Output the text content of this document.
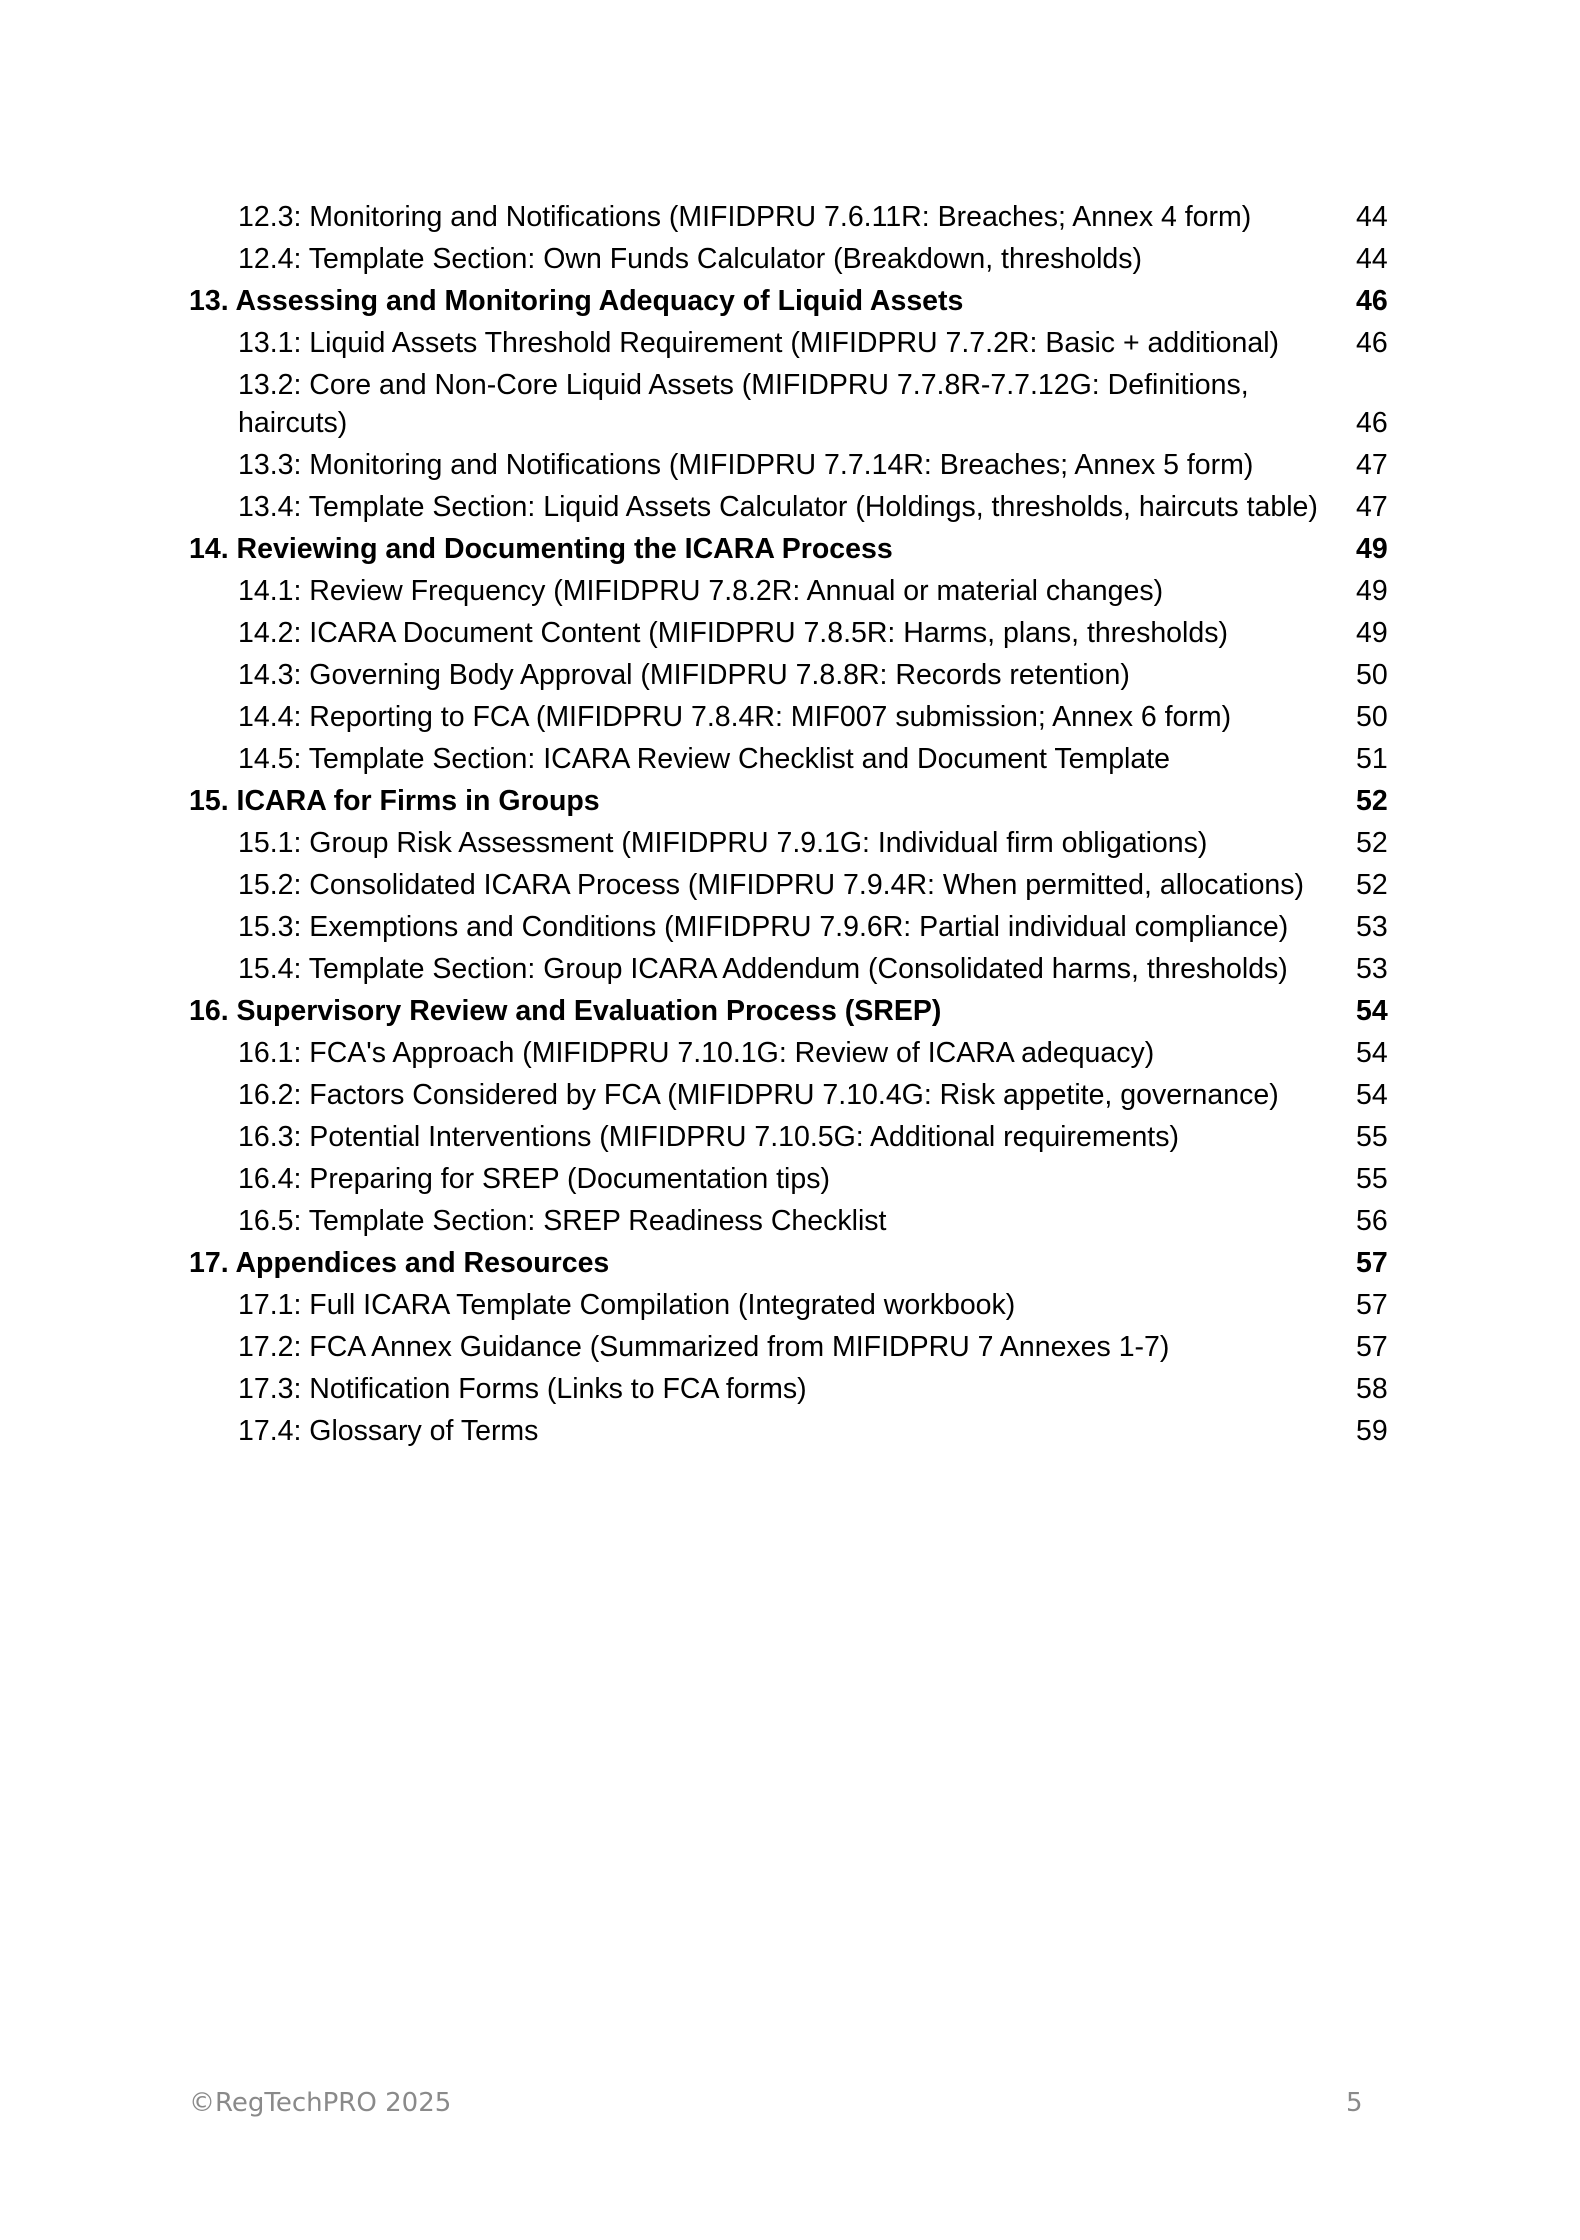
12.3: Monitoring and Notifications (MIFIDPRU 7.6.11R: Breaches; Annex 4 form)	44
12.4: Template Section: Own Funds Calculator (Breakdown, thresholds)	44
13. Assessing and Monitoring Adequacy of Liquid Assets	46
13.1: Liquid Assets Threshold Requirement (MIFIDPRU 7.7.2R: Basic + additional)	46
13.2: Core and Non-Core Liquid Assets (MIFIDPRU 7.7.8R-7.7.12G: Definitions, haircuts)	46
13.3: Monitoring and Notifications (MIFIDPRU 7.7.14R: Breaches; Annex 5 form)	47
13.4: Template Section: Liquid Assets Calculator (Holdings, thresholds, haircuts table)	47
14. Reviewing and Documenting the ICARA Process	49
14.1: Review Frequency (MIFIDPRU 7.8.2R: Annual or material changes)	49
14.2: ICARA Document Content (MIFIDPRU 7.8.5R: Harms, plans, thresholds)	49
14.3: Governing Body Approval (MIFIDPRU 7.8.8R: Records retention)	50
14.4: Reporting to FCA (MIFIDPRU 7.8.4R: MIF007 submission; Annex 6 form)	50
14.5: Template Section: ICARA Review Checklist and Document Template	51
15. ICARA for Firms in Groups	52
15.1: Group Risk Assessment (MIFIDPRU 7.9.1G: Individual firm obligations)	52
15.2: Consolidated ICARA Process (MIFIDPRU 7.9.4R: When permitted, allocations)	52
15.3: Exemptions and Conditions (MIFIDPRU 7.9.6R: Partial individual compliance)	53
15.4: Template Section: Group ICARA Addendum (Consolidated harms, thresholds)	53
16. Supervisory Review and Evaluation Process (SREP)	54
16.1: FCA's Approach (MIFIDPRU 7.10.1G: Review of ICARA adequacy)	54
16.2: Factors Considered by FCA (MIFIDPRU 7.10.4G: Risk appetite, governance)	54
16.3: Potential Interventions (MIFIDPRU 7.10.5G: Additional requirements)	55
16.4: Preparing for SREP (Documentation tips)	55
16.5: Template Section: SREP Readiness Checklist	56
17. Appendices and Resources	57
17.1: Full ICARA Template Compilation (Integrated workbook)	57
17.2: FCA Annex Guidance (Summarized from MIFIDPRU 7 Annexes 1-7)	57
17.3: Notification Forms (Links to FCA forms)	58
17.4: Glossary of Terms	59
©RegTechPRO 2025	5
